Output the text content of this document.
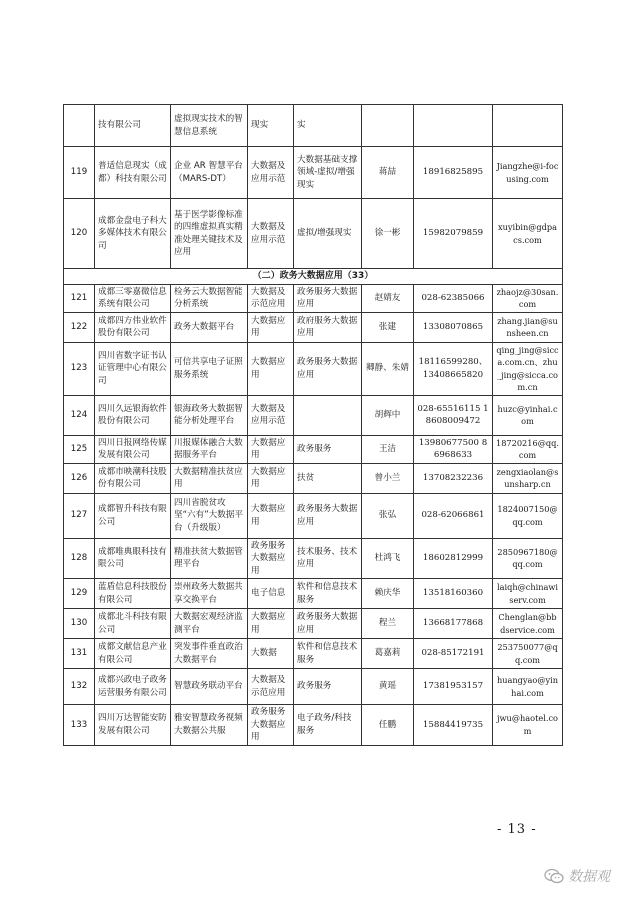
	技有限公司	虚拟现实技术的智慧信息系统	现实	实			
119	普适信息现实（成都）科技有限公司	企业 AR 智慧平台（MARS-DT）	大数据及应用示范	大数据基础支撑领域-虚拟/增强现实	蒋喆	18916825895	Jiangzhe@i-focusing.com
120	成都金盘电子科大多媒体技术有限公司	基于医学影像标准的四维虚拟真实精准处理关键技术及应用	大数据及应用示范	虚拟/增强现实	徐一彬	15982079859	xuyibin@gdpacs.com
（二）政务大数据应用（33）							
121	成都三零嘉微信息系统有限公司	检务云大数据智能分析系统	大数据及示范应用	政务服务大数据应用	赵婧友	028-62385066	zhaojz@30san.com
122	成都四方伟业软件股份有限公司	政务大数据平台	大数据应用	政府服务大数据应用	张建	13308070865	zhang.jian@sunsheen.cn
123	四川省数字证书认证管理中心有限公司	可信共享电子证照服务系统	大数据应用	政务服务大数据应用	卿静、朱婧	18116599280、13408665820	qing_jing@sicca.com.cn、zhu_jing@sicca.com.cn
124	四川久远银海软件股份有限公司	银海政务大数据智能分析处理平台	大数据及应用示范		胡辉中	028-65516115 18608009472	huzc@yinhai.com
125	四川日报网络传媒发展有限公司	川报媒体融合大数据服务平台	大数据应用	政务服务	王洁	13980677500 86968633	18720216@qq.com
126	成都市映潮科技股份有限公司	大数据精准扶贫应用	大数据应用	扶贫	曾小兰	13708232236	zengxiaolan@sunsharp.cn
127	成都智升科技有限公司	四川省脱贫攻坚“六有”大数据平台（升级版）	大数据应用	政务服务大数据应用	张弘	028-62066861	1824007150@qq.com
128	成都唯典眼科技有限公司	精准扶贫大数据管理平台	政务服务大数据应用	技术服务、技术应用	杜鸿飞	18602812999	2850967180@qq.com
129	蓝盾信息科技股份有限公司	崇州政务大数据共享交换平台	电子信息	软件和信息技术服务	赖庆华	13518160360	laiqh@chinawiserv.com
130	成都北斗科技有限公司	大数据宏观经济监测平台	大数据应用	政务服务大数据应用	程兰	13668177868	Chenglan@bbdservice.com
131	成都文献信息产业有限公司	突发事件垂直政治大数据平台	大数据	软件和信息技术服务	葛嘉莉	028-85172191	253750077@qq.com
132	成都兴政电子政务运营服务有限公司	智慧政务联动平台	大数据及示范应用	政务服务	黄瑶	17381953157	huangyao@yinhai.com
133	四川万达智能安防发展有限公司	雅安智慧政务视频大数据公共服	政务服务大数据应用	电子政务/科技服务	任鹏	15884419735	jwu@haotel.com
- 13 -
数据观
